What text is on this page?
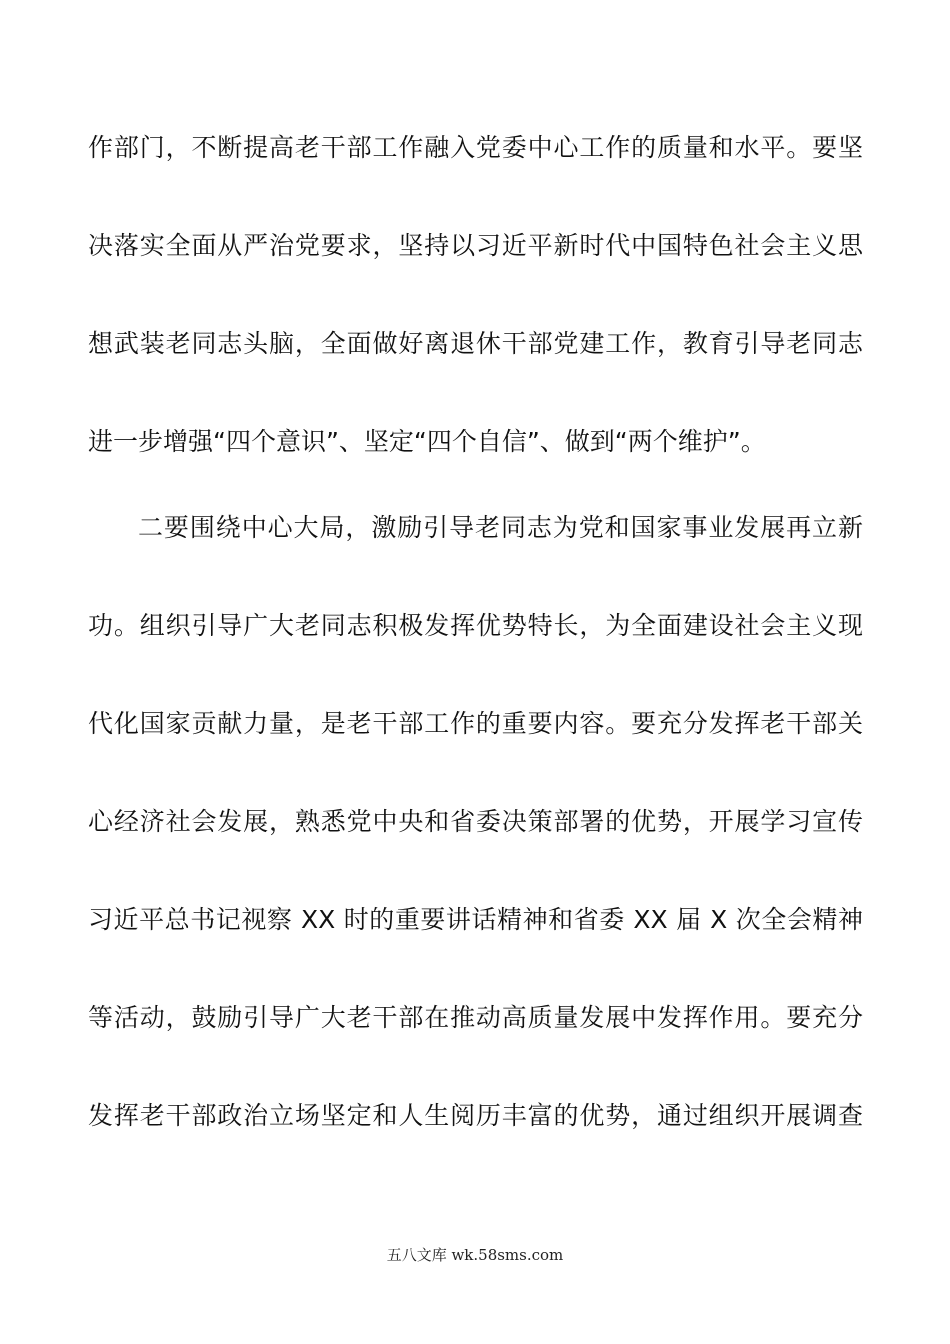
作部门，不断提高老干部工作融入党委中心工作的质量和水平。要坚
决落实全面从严治党要求，坚持以习近平新时代中国特色社会主义思
想武装老同志头脑，全面做好离退休干部党建工作，教育引导老同志
进一步增强“四个意识”、坚定“四个自信”、做到“两个维护”。
二要围绕中心大局，激励引导老同志为党和国家事业发展再立新
功。组织引导广大老同志积极发挥优势特长，为全面建设社会主义现
代化国家贡献力量，是老干部工作的重要内容。要充分发挥老干部关
心经济社会发展，熟悉党中央和省委决策部署的优势，开展学习宣传
习近平总书记视察 XX 时的重要讲话精神和省委 XX 届 X 次全会精神
等活动，鼓励引导广大老干部在推动高质量发展中发挥作用。要充分
发挥老干部政治立场坚定和人生阅历丰富的优势，通过组织开展调查
五八文库 wk.58sms.com
